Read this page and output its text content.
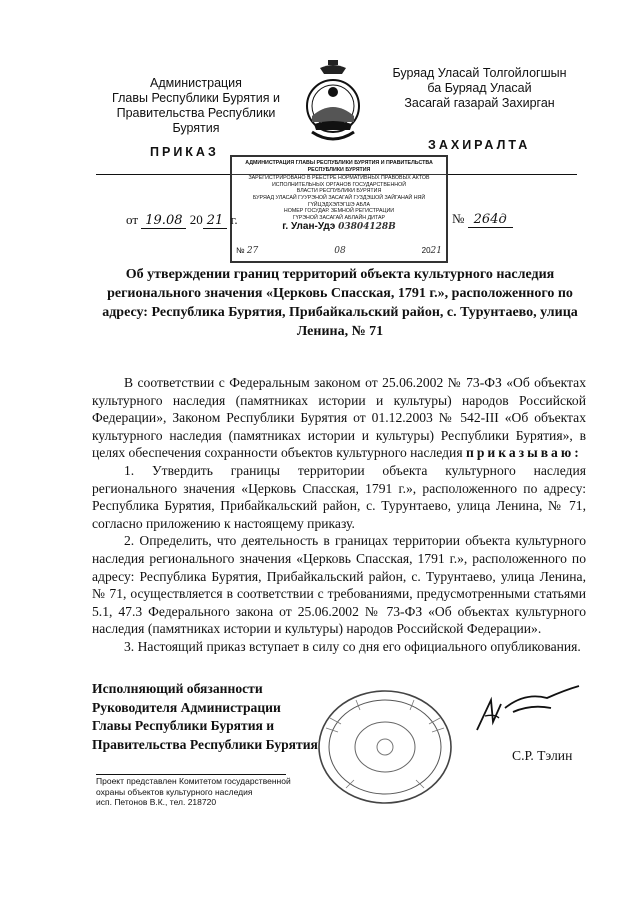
Администрация
Главы Республики Бурятия и
Правительства Республики Бурятия
Буряад Уласай Толгойлогшын
ба Буряад Уласай
Засагай газарай Захирган
ПРИКАЗ	ЗАХИРАЛТА
АДМИНИСТРАЦИЯ ГЛАВЫ РЕСПУБЛИКИ БУРЯТИЯ И ПРАВИТЕЛЬСТВА РЕСПУБЛИКИ БУРЯТИЯ
ЗАРЕГИСТРИРОВАНО В РЕЕСТРЕ НОРМАТИВНЫХ ПРАВОВЫХ АКТОВ
ИСПОЛНИТЕЛЬНЫХ ОРГАНОВ ГОСУДАРСТВЕННОЙ
ВЛАСТИ РЕСПУБЛИКИ БУРЯТИЯ
БУРЯАД УЛАСАЙ ГУУРЭНОЙ ЗАСАГАЙ ГУЗДЭШОЙ ЗАЙГАНАЙ НЯЙ ГҮЙЦЭДХЭЛЭГШЭ АБЛА
НОМЕР ГОСУДАР. ЗЕМНОЙ РЕГИСТРАЦИИ
ГҮРЭНОЙ ЗАСАГАЙ АБЛАЙН ДИТАР
г. Улан-Удэ 03804128В
№ 27	08	2021
от 19.08 20 21 г.	№ 264д
Об утверждении границ территорий объекта культурного наследия регионального значения «Церковь Спасская, 1791 г.», расположенного по адресу: Республика Бурятия, Прибайкальский район, с. Турунтаево, улица Ленина, № 71

В соответствии с Федеральным законом от 25.06.2002 № 73-ФЗ «Об объектах культурного наследия (памятниках истории и культуры) народов Российской Федерации», Законом Республики Бурятия от 01.12.2003 № 542-III «Об объектах культурного наследия (памятниках истории и культуры) Республики Бурятия», в целях обеспечения сохранности объектов культурного наследия приказываю:

1. Утвердить границы территории объекта культурного наследия регионального значения «Церковь Спасская, 1791 г.», расположенного по адресу: Республика Бурятия, Прибайкальский район, с. Турунтаево, улица Ленина, № 71, согласно приложению к настоящему приказу.

2. Определить, что деятельность в границах территории объекта культурного наследия регионального значения «Церковь Спасская, 1791 г.», расположенного по адресу: Республика Бурятия, Прибайкальский район, с. Турунтаево, улица Ленина, № 71, осуществляется в соответствии с требованиями, предусмотренными статьями 5.1, 47.3 Федерального закона от 25.06.2002 № 73-ФЗ «Об объектах культурного наследия (памятниках истории и культуры) народов Российской Федерации».

3. Настоящий приказ вступает в силу со дня его официального опубликования.

Исполняющий обязанности
Руководителя Администрации
Главы Республики Бурятия и
Правительства Республики Бурятия
С.Р. Тэлин
Проект представлен Комитетом государственной
охраны объектов культурного наследия
исп. Петонов В.К., тел. 218720
